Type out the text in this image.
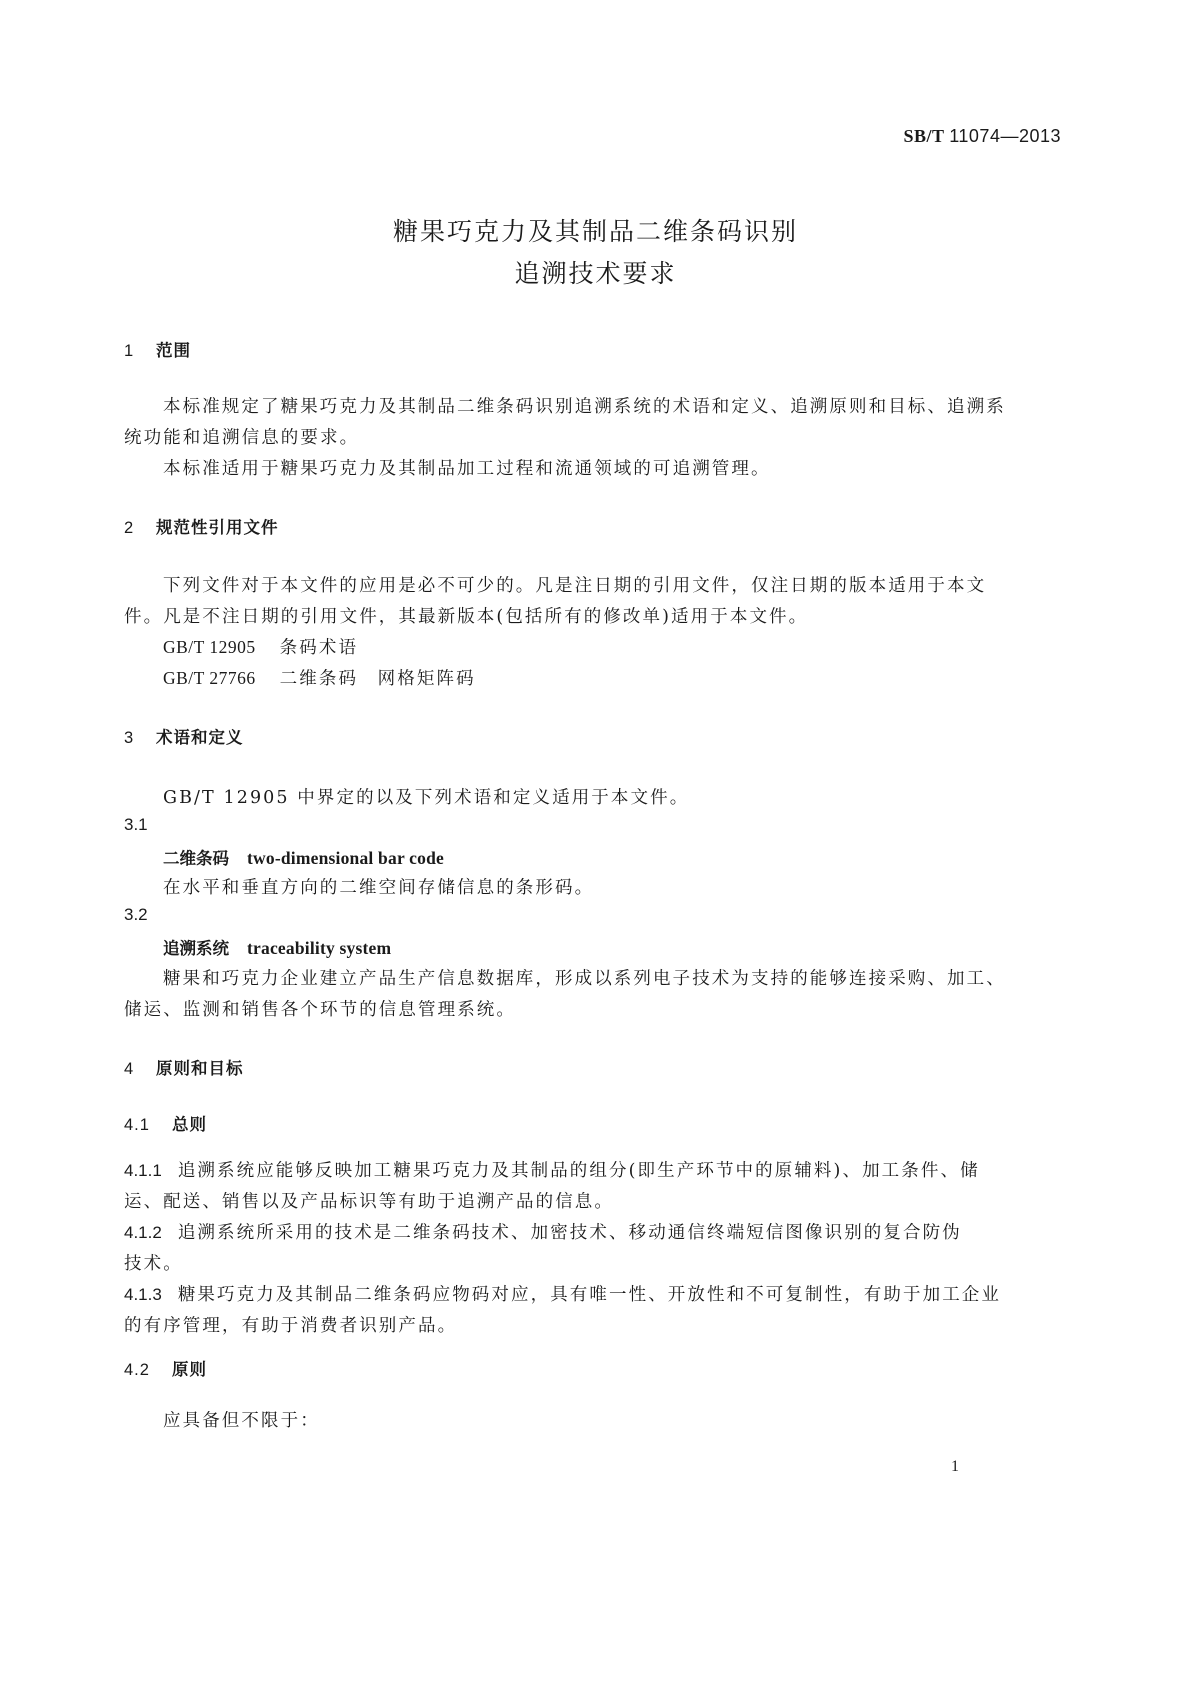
SB/T 11074—2013
糖果巧克力及其制品二维条码识别
追溯技术要求
1 范围
本标准规定了糖果巧克力及其制品二维条码识别追溯系统的术语和定义、追溯原则和目标、追溯系
统功能和追溯信息的要求。
本标准适用于糖果巧克力及其制品加工过程和流通领域的可追溯管理。
2 规范性引用文件
下列文件对于本文件的应用是必不可少的。凡是注日期的引用文件，仅注日期的版本适用于本文
件。凡是不注日期的引用文件，其最新版本(包括所有的修改单)适用于本文件。
GB/T 12905 条码术语
GB/T 27766 二维条码　网格矩阵码
3 术语和定义
GB/T 12905 中界定的以及下列术语和定义适用于本文件。
3.1
二维条码 two-dimensional bar code
在水平和垂直方向的二维空间存储信息的条形码。
3.2
追溯系统 traceability system
糖果和巧克力企业建立产品生产信息数据库，形成以系列电子技术为支持的能够连接采购、加工、
储运、监测和销售各个环节的信息管理系统。
4 原则和目标
4.1 总则
4.1.1 追溯系统应能够反映加工糖果巧克力及其制品的组分(即生产环节中的原辅料)、加工条件、储
运、配送、销售以及产品标识等有助于追溯产品的信息。
4.1.2 追溯系统所采用的技术是二维条码技术、加密技术、移动通信终端短信图像识别的复合防伪
技术。
4.1.3 糖果巧克力及其制品二维条码应物码对应，具有唯一性、开放性和不可复制性，有助于加工企业
的有序管理，有助于消费者识别产品。
4.2 原则
应具备但不限于：
1
